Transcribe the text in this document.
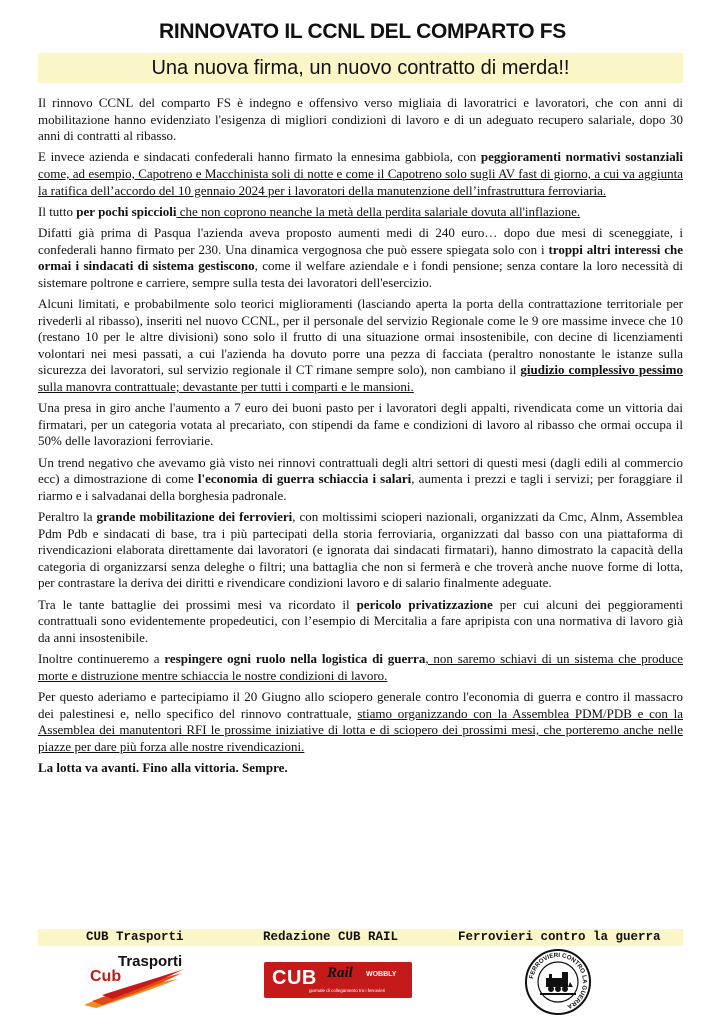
RINNOVATO IL CCNL DEL COMPARTO FS
Una nuova firma, un nuovo contratto di merda!!

Il rinnovo CCNL del comparto FS è indegno e offensivo verso migliaia di lavoratrici e lavoratori, che con anni di mobilitazione hanno evidenziato l'esigenza di migliori condizioni di lavoro e di un adeguato recupero salariale, dopo 30 anni di contratti al ribasso.

E invece azienda e sindacati confederali hanno firmato la ennesima gabbiola, con peggioramenti normativi sostanziali come, ad esempio, Capotreno e Macchinista soli di notte e come il Capotreno solo sugli AV fast di giorno, a cui va aggiunta la ratifica dell’accordo del 10 gennaio 2024 per i lavoratori della manutenzione dell’infrastruttura ferroviaria.

Il tutto per pochi spiccioli che non coprono neanche la metà della perdita salariale dovuta all'inflazione.

Difatti già prima di Pasqua l'azienda aveva proposto aumenti medi di 240 euro… dopo due mesi di sceneggiate, i confederali hanno firmato per 230. Una dinamica vergognosa che può essere spiegata solo con i troppi altri interessi che ormai i sindacati di sistema gestiscono, come il welfare aziendale e i fondi pensione; senza contare la loro necessità di sistemare poltrone e carriere, sempre sulla testa dei lavoratori dell'esercizio.

Alcuni limitati, e probabilmente solo teorici miglioramenti (lasciando aperta la porta della contrattazione territoriale per rivederli al ribasso), inseriti nel nuovo CCNL, per il personale del servizio Regionale come le 9 ore massime invece che 10 (restano 10 per le altre divisioni) sono solo il frutto di una situazione ormai insostenibile, con decine di licenziamenti volontari nei mesi passati, a cui l'azienda ha dovuto porre una pezza di facciata (peraltro nonostante le istanze sulla sicurezza dei lavoratori, sul servizio regionale il CT rimane sempre solo), non cambiano il giudizio complessivo pessimo sulla manovra contrattuale; devastante per tutti i comparti e le mansioni.

Una presa in giro anche l'aumento a 7 euro dei buoni pasto per i lavoratori degli appalti, rivendicata come un vittoria dai firmatari, per un categoria votata al precariato, con stipendi da fame e condizioni di lavoro al ribasso che ormai occupa il 50% delle lavorazioni ferroviarie.

Un trend negativo che avevamo già visto nei rinnovi contrattuali degli altri settori di questi mesi (dagli edili al commercio ecc) a dimostrazione di come l'economia di guerra schiaccia i salari, aumenta i prezzi e tagli i servizi; per foraggiare il riarmo e i salvadanai della borghesia padronale.

Peraltro la grande mobilitazione dei ferrovieri, con moltissimi scioperi nazionali, organizzati da Cmc, Alnm, Assemblea Pdm Pdb e sindacati di base, tra i più partecipati della storia ferroviaria, organizzati dal basso con una piattaforma di rivendicazioni elaborata direttamente dai lavoratori (e ignorata dai sindacati firmatari), hanno dimostrato la capacità della categoria di organizzarsi senza deleghe o filtri; una battaglia che non si fermerà e che troverà anche nuove forme di lotta, per contrastare la deriva dei diritti e rivendicare condizioni lavoro e di salario finalmente adeguate.

Tra le tante battaglie dei prossimi mesi va ricordato il pericolo privatizzazione per cui alcuni dei peggioramenti contrattuali sono evidentemente propedeutici, con l’esempio di Mercitalia a fare apripista con una normativa di lavoro già da anni insostenibile.

Inoltre continueremo a respingere ogni ruolo nella logistica di guerra, non saremo schiavi di un sistema che produce morte e distruzione mentre schiaccia le nostre condizioni di lavoro.

Per questo aderiamo e partecipiamo il 20 Giugno allo sciopero generale contro l'economia di guerra e contro il massacro dei palestinesi e, nello specifico del rinnovo contrattuale, stiamo organizzando con la Assemblea PDM/PDB e con la Assemblea dei manutentori RFI le prossime iniziative di lotta e di sciopero dei prossimi mesi, che porteremo anche nelle piazze per dare più forza alle nostre rivendicazioni.

La lotta va avanti. Fino alla vittoria. Sempre.

CUB Trasporti	Redazione CUB RAIL	Ferrovieri contro la guerra
Trasporti
Cub	CUB Rail WOBBLY
giornale di collegamento tra i ferrovieri
FERROVIERI CONTRO LA GUERRA
